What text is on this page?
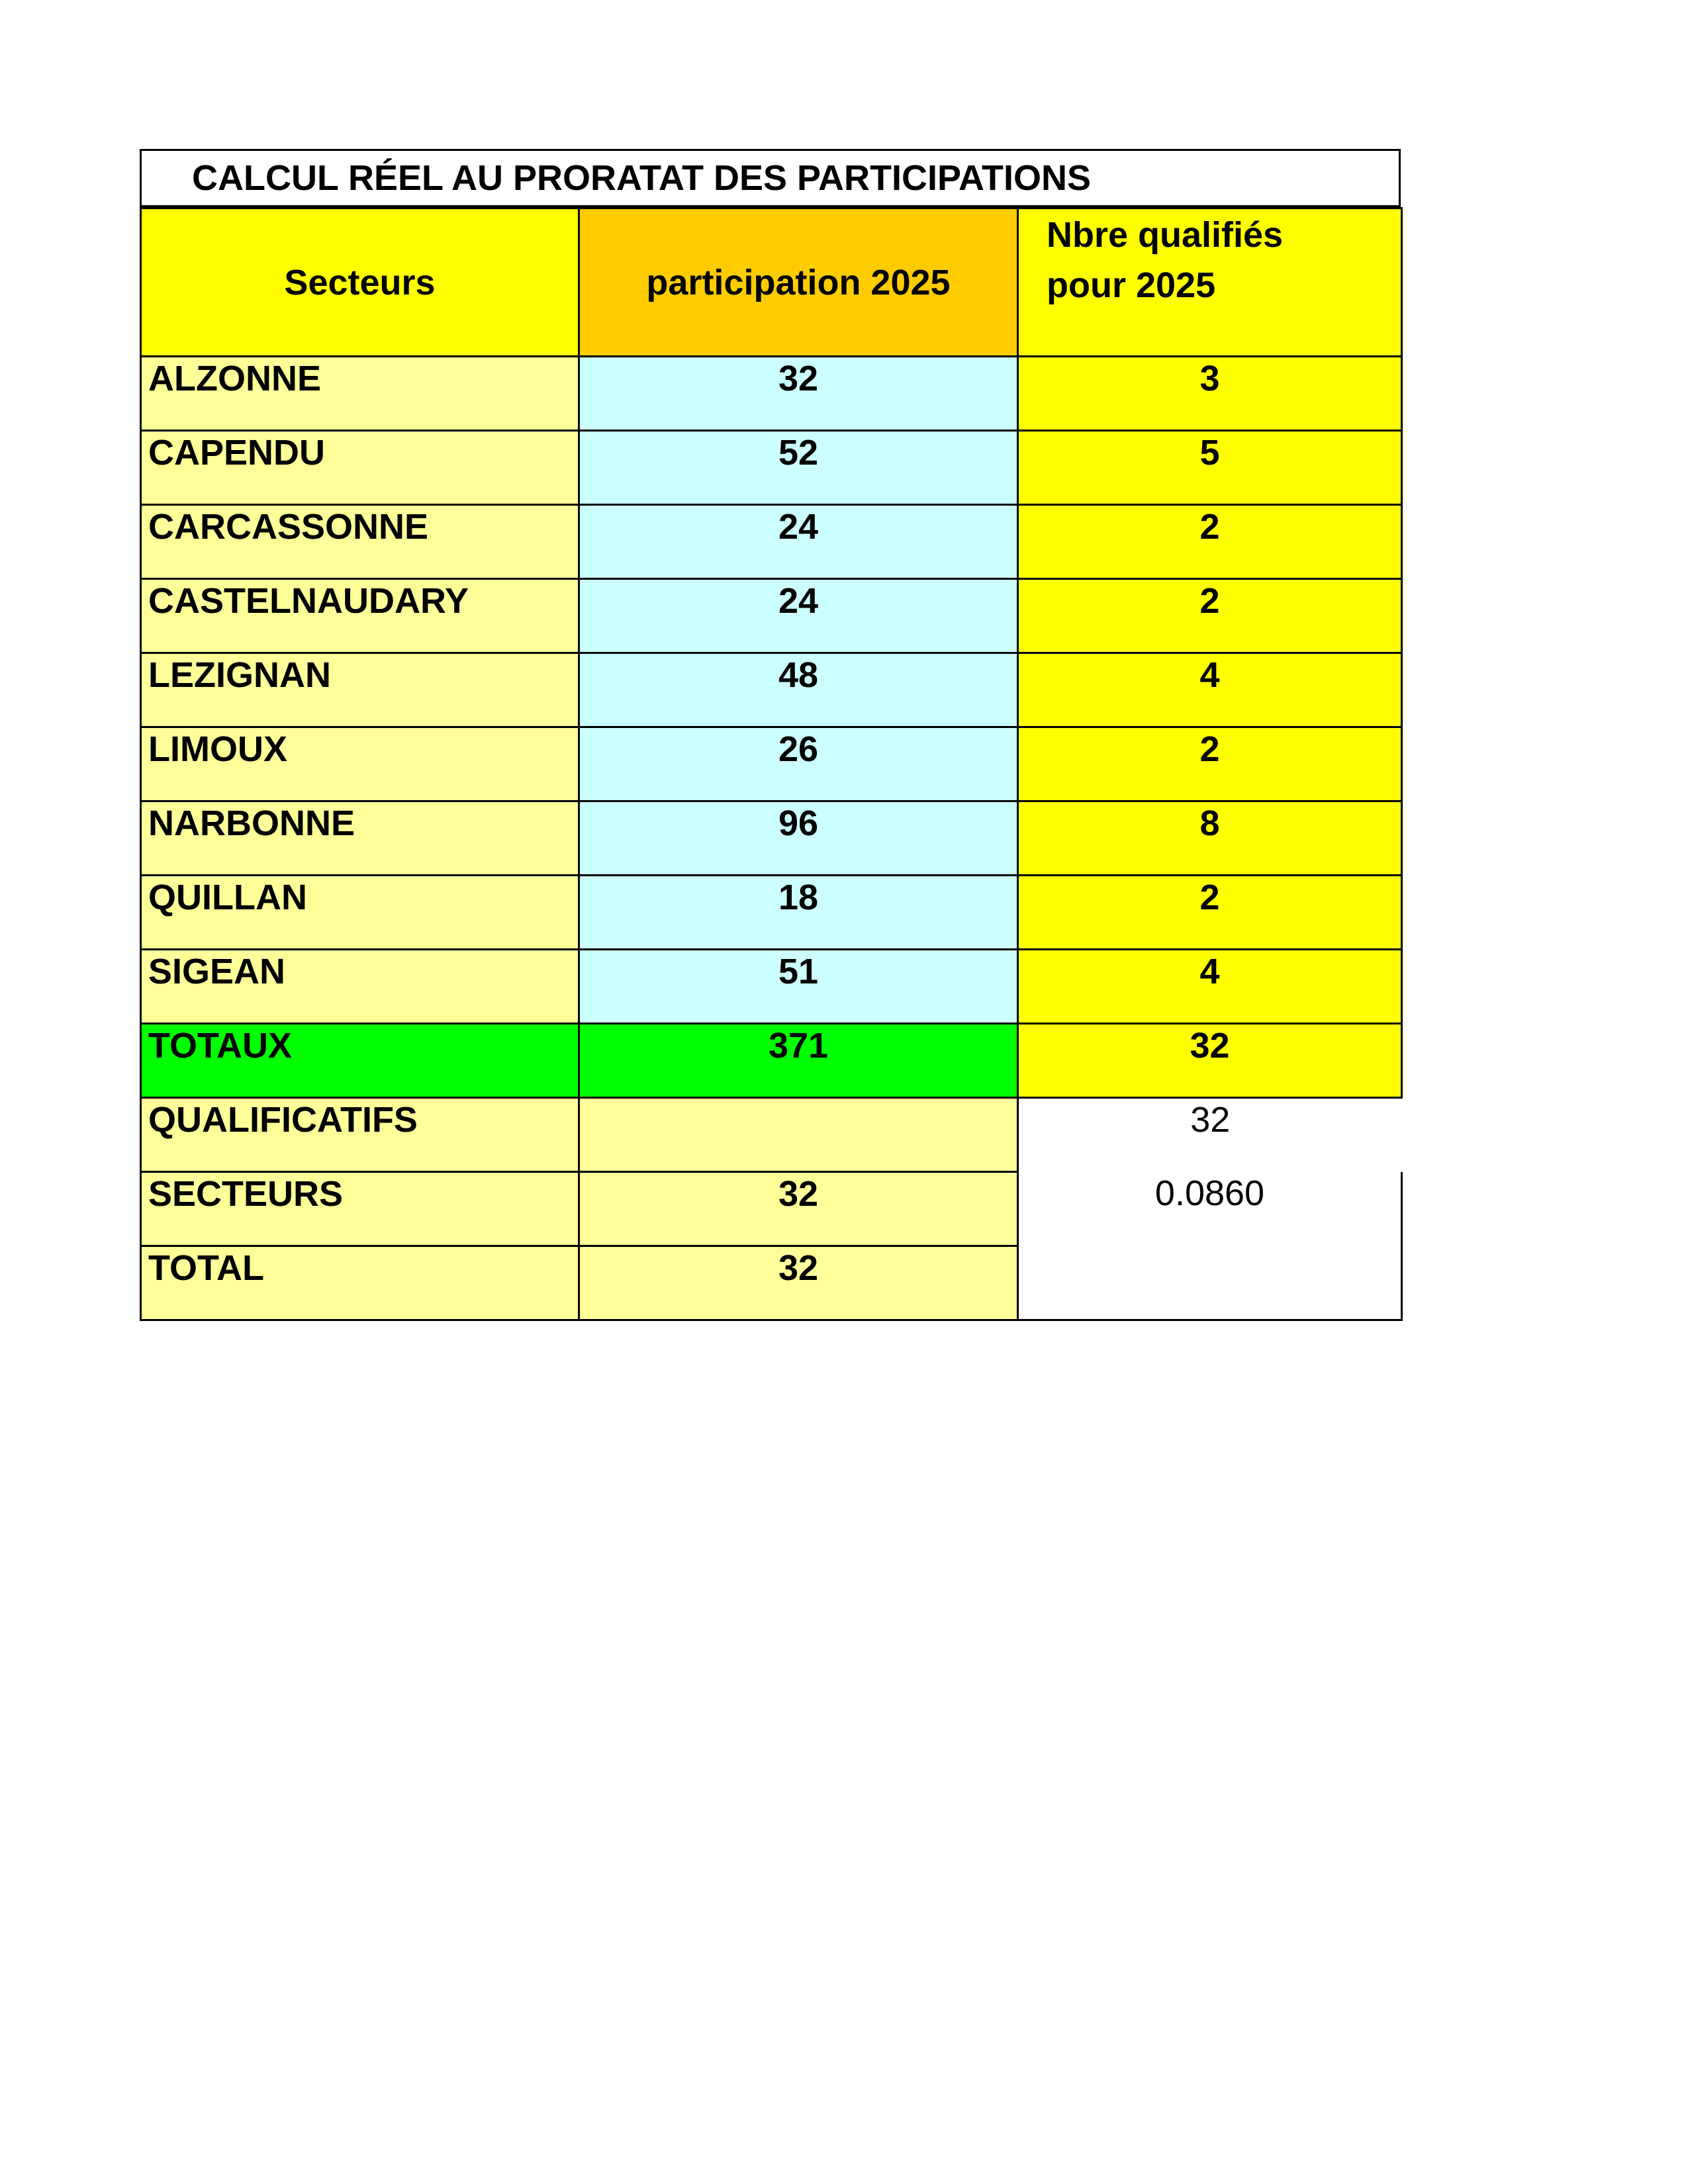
CALCUL RÉEL AU PRORATAT DES PARTICIPATIONS
Secteurs	participation 2025	Nbre qualifiés
pour 2025

ALZONNE	32	3
CAPENDU	52	5
CARCASSONNE	24	2
CASTELNAUDARY	24	2
LEZIGNAN	48	4
LIMOUX	26	2
NARBONNE	96	8
QUILLAN	18	2
SIGEAN	51	4
TOTAUX	371	32
QUALIFICATIFS		32
SECTEURS	32	0.0860
TOTAL	32	
